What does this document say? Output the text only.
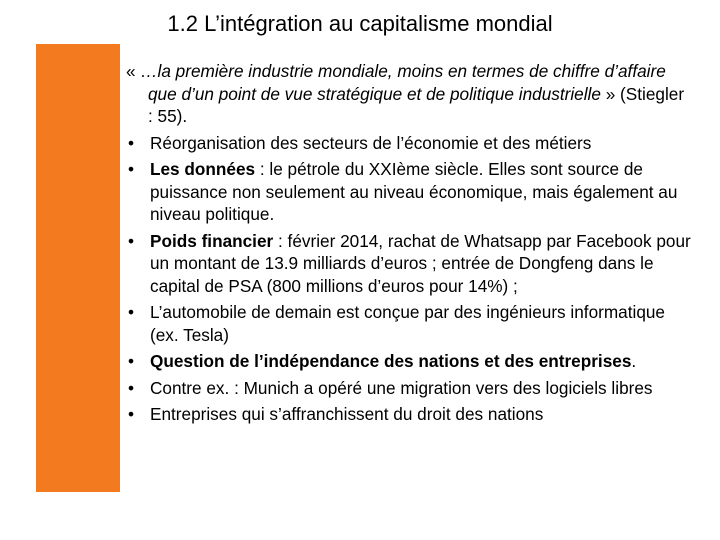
1.2 L’intégration au capitalisme mondial
« …la première industrie mondiale, moins en termes de chiffre d’affaire que d’un point de vue stratégique et de politique industrielle » (Stiegler : 55).
• Réorganisation des secteurs de l’économie et des métiers
• Les données : le pétrole du XXIème siècle. Elles sont source de puissance non seulement au niveau économique, mais également au niveau politique.
• Poids financier : février 2014, rachat de Whatsapp par Facebook pour un montant de 13.9 milliards d’euros ; entrée de Dongfeng dans le capital de PSA (800 millions d’euros pour 14%) ;
• L’automobile de demain est conçue par des ingénieurs informatique (ex. Tesla)
• Question de l’indépendance des nations et des entreprises.
• Contre ex. : Munich a opéré une migration vers des logiciels libres
• Entreprises qui s’affranchissent du droit des nations
